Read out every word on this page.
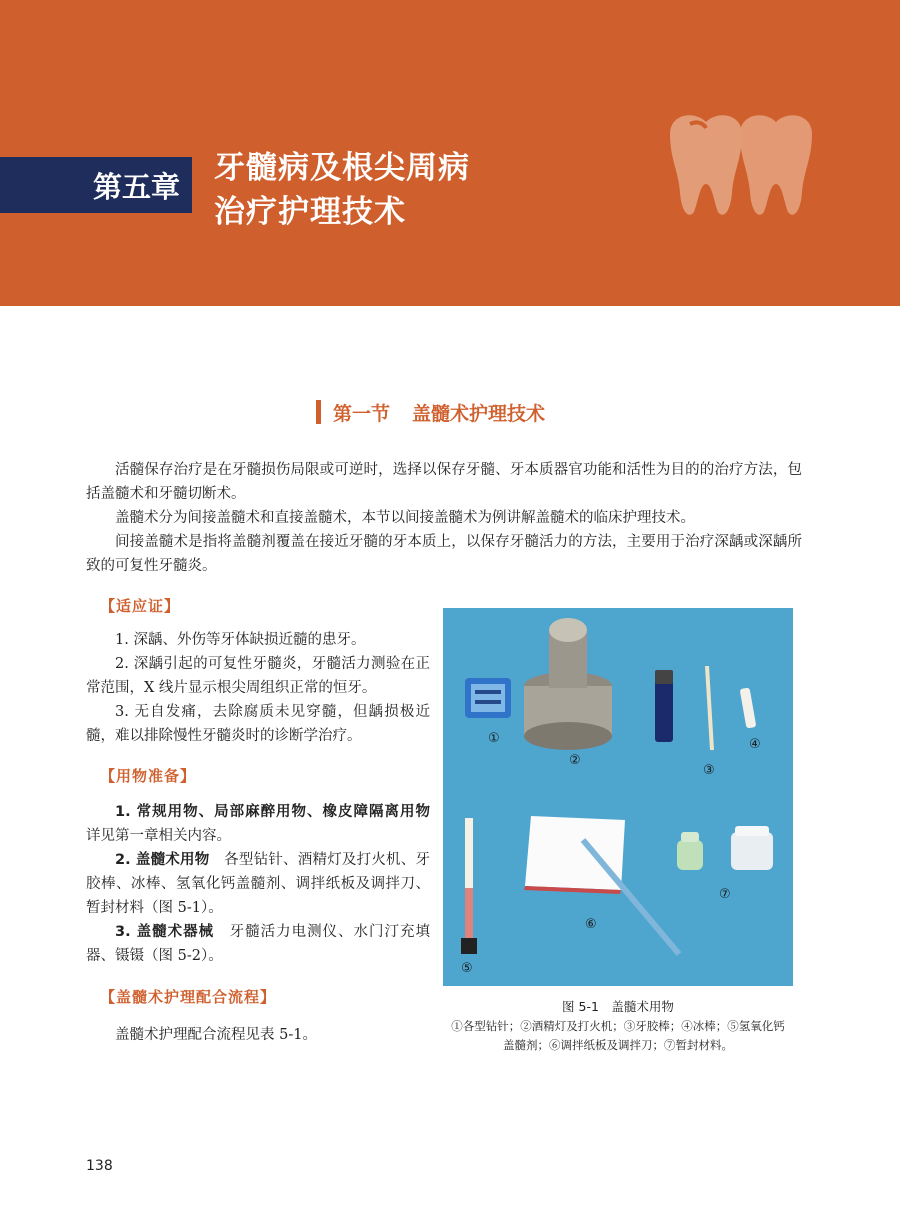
第五章
牙髓病及根尖周病
治疗护理技术
第一节 盖髓术护理技术

活髓保存治疗是在牙髓损伤局限或可逆时，选择以保存牙髓、牙本质器官功能和活性为目的的治疗方法，包括盖髓术和牙髓切断术。

盖髓术分为间接盖髓术和直接盖髓术，本节以间接盖髓术为例讲解盖髓术的临床护理技术。

间接盖髓术是指将盖髓剂覆盖在接近牙髓的牙本质上，以保存牙髓活力的方法，主要用于治疗深龋或深龋所致的可复性牙髓炎。

【适应证】

1. 深龋、外伤等牙体缺损近髓的患牙。

2. 深龋引起的可复性牙髓炎，牙髓活力测验在正常范围，X 线片显示根尖周组织正常的恒牙。

3. 无自发痛，去除腐质未见穿髓，但龋损极近髓，难以排除慢性牙髓炎时的诊断学治疗。

【用物准备】

1. 常规用物、局部麻醉用物、橡皮障隔离用物　详见第一章相关内容。

2. 盖髓术用物　 各型钻针、酒精灯及打火机、牙胶棒、冰棒、氢氧化钙盖髓剂、调拌纸板及调拌刀、暂封材料（图 5-1）。

3. 盖髓术器械　 牙髓活力电测仪、水门汀充填器、镊镊（图 5-2）。

【盖髓术护理配合流程】

盖髓术护理配合流程见表 5-1。

①
②
③
④
⑤
⑥
⑦
图 5-1　盖髓术用物
①各型钻针；②酒精灯及打火机；③牙胶棒；④冰棒；⑤氢氧化钙
盖髓剂；⑥调拌纸板及调拌刀；⑦暂封材料。
138
